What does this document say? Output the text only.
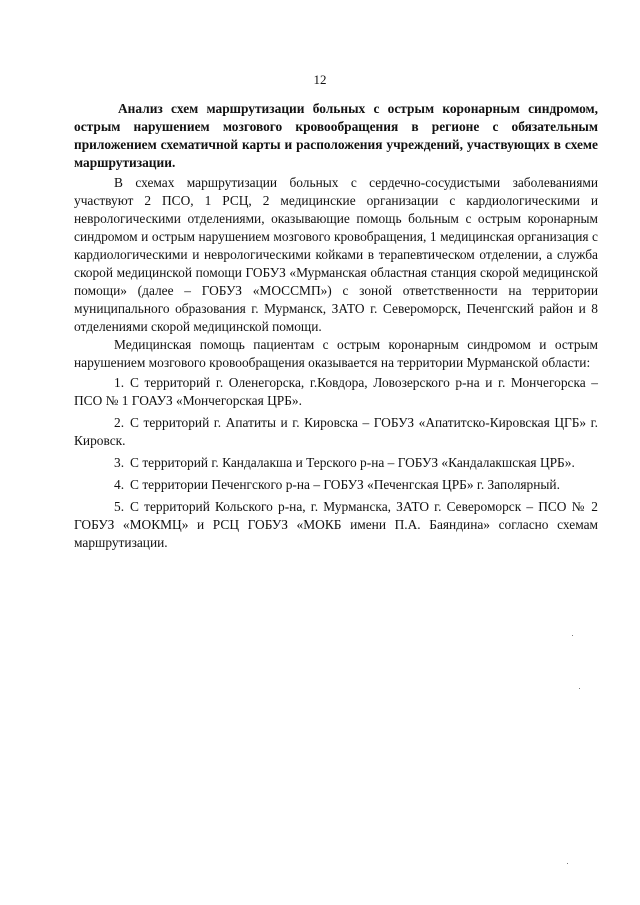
12

Анализ схем маршрутизации больных с острым коронарным синдромом, острым нарушением мозгового кровообращения в регионе с обязательным приложением схематичной карты и расположения учреждений, участвующих в схеме маршрутизации.

В схемах маршрутизации больных с сердечно-сосудистыми заболеваниями участвуют 2 ПСО, 1 РСЦ, 2 медицинские организации с кардиологическими и неврологическими отделениями, оказывающие помощь больным с острым коронарным синдромом и острым нарушением мозгового кровобращения, 1 медицинская организация с кардиологическими и неврологическими койками в терапевтическом отделении, а служба скорой медицинской помощи ГОБУЗ «Мурманская областная станция скорой медицинской помощи» (далее – ГОБУЗ «МОССМП») с зоной ответственности на территории муниципального образования г. Мурманск, ЗАТО г. Североморск, Печенгский район и 8 отделениями скорой медицинской помощи.

Медицинская помощь пациентам с острым коронарным синдромом и острым нарушением мозгового кровообращения оказывается на территории Мурманской области:

1. С территорий г. Оленегорска, г.Ковдора, Ловозерского р-на и г. Мончегорска – ПСО № 1 ГОАУЗ «Мончегорская ЦРБ».

2. С территорий г. Апатиты и г. Кировска – ГОБУЗ «Апатитско-Кировская ЦГБ» г. Кировск.

3. С территорий г. Кандалакша и Терского р-на – ГОБУЗ «Кандалакшская ЦРБ».

4. С территории Печенгского р-на – ГОБУЗ «Печенгская ЦРБ» г. Заполярный.

5. С территорий Кольского р-на, г. Мурманска, ЗАТО г. Североморск – ПСО № 2 ГОБУЗ «МОКМЦ» и РСЦ ГОБУЗ «МОКБ имени П.А. Баяндина» согласно схемам маршрутизации.
